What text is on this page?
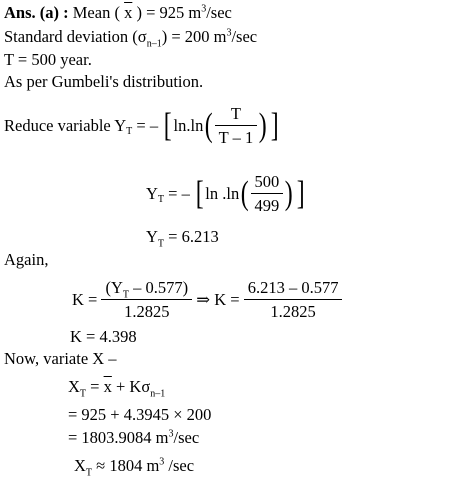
Ans. (a) : Mean ( $\overline{x}$ ) = 925 $m^3/\sec$
Standard deviation $(\sigma_{n-1}) = 200$ $m^3/\sec$
T = 500 year.
As per Gumbeli's distribution.
Reduce variable $Y_T$ = – [ $\ln.\ln( \frac{T}{T - 1}$ )]
$Y_T$ = – [ $\ln .\ln( \frac{500}{499}$ )]
$Y_T = 6.213$
Again,
$K = \frac{(Y_T - 0.577)}{1.2825}$ ⇒ $K = \frac{6.213 - 0.577}{1.2825}$
K = 4.398
Now, variate X –
$X_T = \overline{x} + K\sigma_{n-1}$
= 925 + 4.3945 × 200
= 1803.9084 $m^3/\sec$
$X_T \approx 1804$ $m^3$ /sec
